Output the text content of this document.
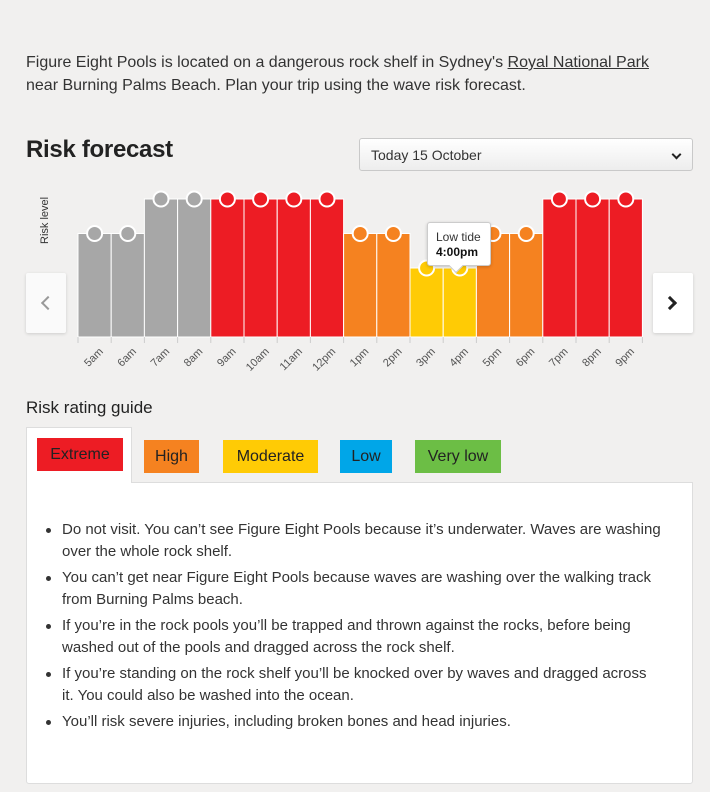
Figure Eight Pools is located on a dangerous rock shelf in Sydney's Royal National Park near Burning Palms Beach. Plan your trip using the wave risk forecast.

Risk forecast	Today 15 October
Risk level
5am 6am 7am 8am 9am 10am 11am 12pm 1pm 2pm 3pm 4pm 5pm 6pm 7pm 8pm 9pm
Low tide
4:00pm
Risk rating guide
Extreme	High	Moderate	Low	Very low
Do not visit. You can’t see Figure Eight Pools because it’s underwater. Waves are washing over the whole rock shelf.
You can’t get near Figure Eight Pools because waves are washing over the walking track from Burning Palms beach.
If you’re in the rock pools you’ll be trapped and thrown against the rocks, before being washed out of the pools and dragged across the rock shelf.
If you’re standing on the rock shelf you’ll be knocked over by waves and dragged across it. You could also be washed into the ocean.
You’ll risk severe injuries, including broken bones and head injuries.
